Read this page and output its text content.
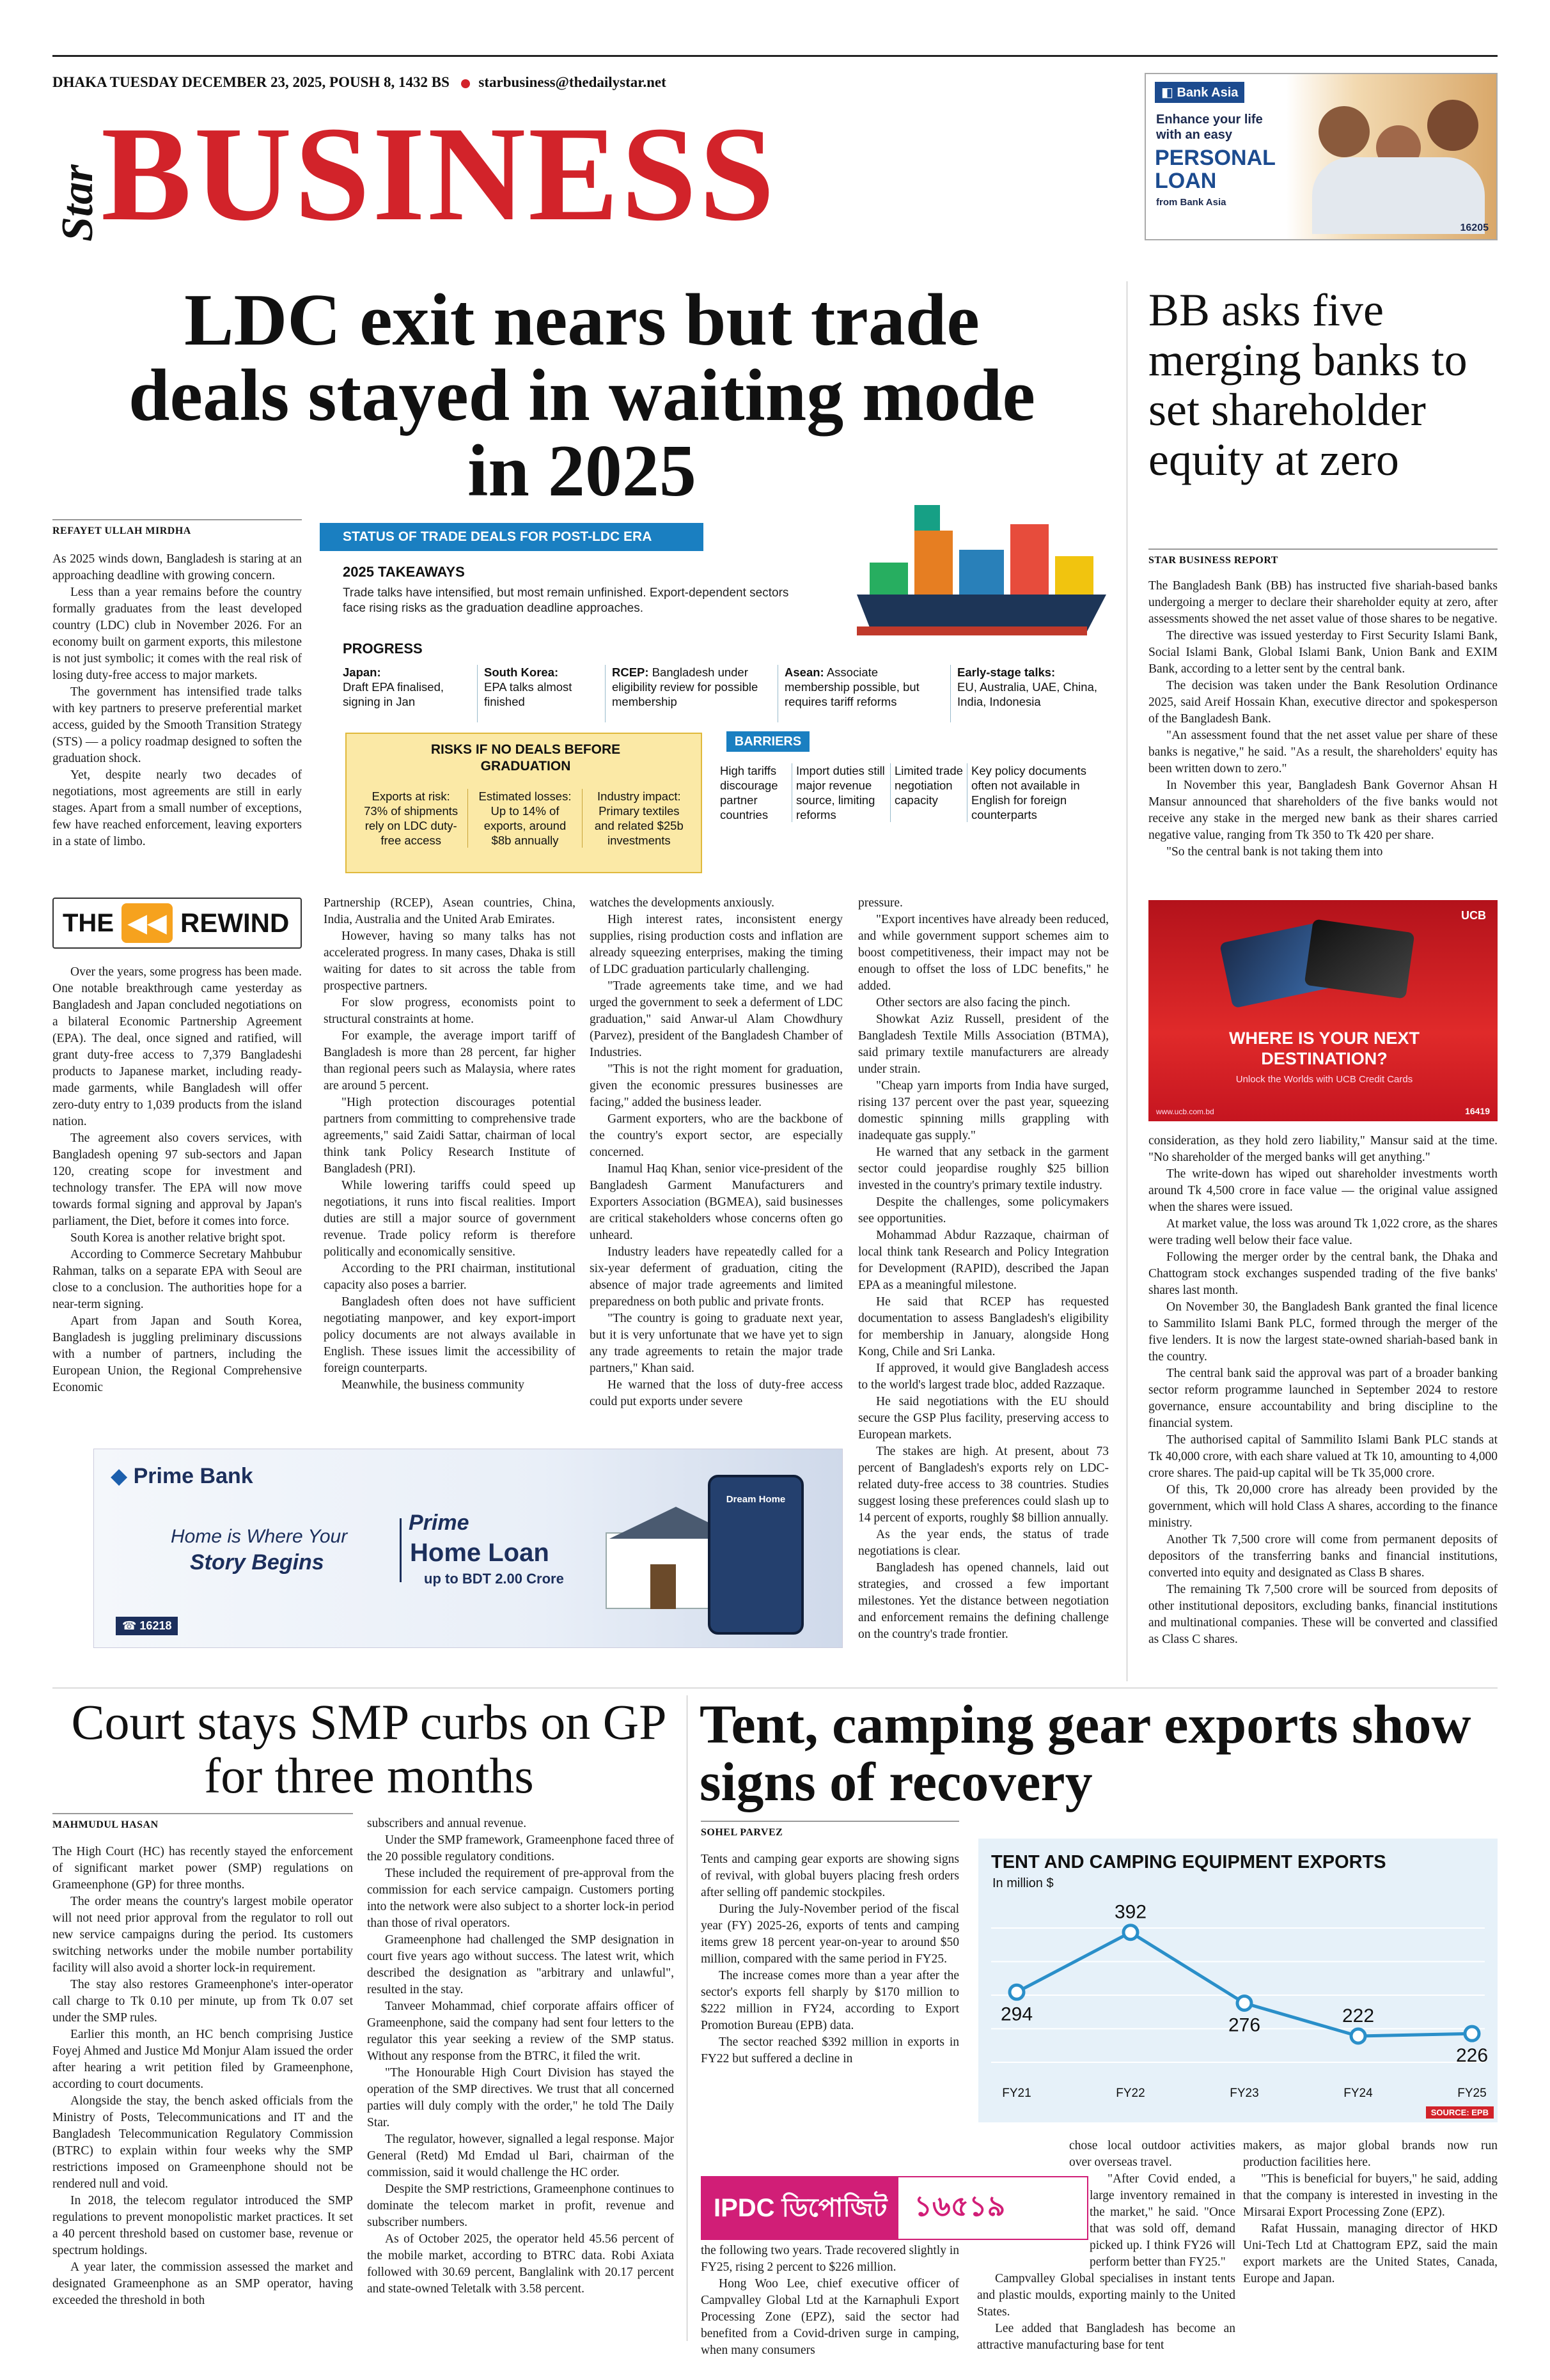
DHAKA TUESDAY DECEMBER 23, 2025, POUSH 8, 1432 BS starbusiness@thedailystar.net
Star
BUSINESS
◧ Bank Asia
Enhance your life
with an easy
PERSONAL
LOAN
from Bank Asia
16205
LDC exit nears but trade deals stayed in waiting mode in 2025
REFAYET ULLAH MIRDHA

As 2025 winds down, Bangladesh is staring at an approaching deadline with growing concern.

Less than a year remains before the country formally graduates from the least developed country (LDC) club in November 2026. For an economy built on garment exports, this milestone is not just symbolic; it comes with the real risk of losing duty-free access to major markets.

The government has intensified trade talks with key partners to preserve preferential market access, guided by the Smooth Transition Strategy (STS) — a policy roadmap designed to soften the graduation shock.

Yet, despite nearly two decades of negotiations, most agreements are still in early stages. Apart from a small number of exceptions, few have reached enforcement, leaving exporters in a state of limbo.

STATUS OF TRADE DEALS FOR POST-LDC ERA
2025 TAKEAWAYS
Trade talks have intensified, but most remain unfinished. Export-dependent sectors face rising risks as the graduation deadline approaches.
PROGRESS
Japan:
Draft EPA finalised, signing in Jan
South Korea:
EPA talks almost finished
RCEP: Bangladesh under eligibility review for possible membership
Asean: Associate membership possible, but requires tariff reforms
Early-stage talks:
EU, Australia, UAE, China, India, Indonesia
RISKS IF NO DEALS BEFORE GRADUATION
Exports at risk: 73% of shipments rely on LDC duty-free access
Estimated losses: Up to 14% of exports, around $8b annually
Industry impact: Primary textiles and related $25b investments
BARRIERS
High tariffs discourage partner countries
Import duties still major revenue source, limiting reforms
Limited trade negotiation capacity
Key policy documents often not available in English for foreign counterparts
THE ◀◀ REWIND

Over the years, some progress has been made. One notable breakthrough came yesterday as Bangladesh and Japan concluded negotiations on a bilateral Economic Partnership Agreement (EPA). The deal, once signed and ratified, will grant duty-free access to 7,379 Bangladeshi products to Japanese market, including ready-made garments, while Bangladesh will offer zero-duty entry to 1,039 products from the island nation.

The agreement also covers services, with Bangladesh opening 97 sub-sectors and Japan 120, creating scope for investment and technology transfer. The EPA will now move towards formal signing and approval by Japan's parliament, the Diet, before it comes into force.

South Korea is another relative bright spot.

According to Commerce Secretary Mahbubur Rahman, talks on a separate EPA with Seoul are close to a conclusion. The authorities hope for a near-term signing.

Apart from Japan and South Korea, Bangladesh is juggling preliminary discussions with a number of partners, including the European Union, the Regional Comprehensive Economic

Partnership (RCEP), Asean countries, China, India, Australia and the United Arab Emirates.

However, having so many talks has not accelerated progress. In many cases, Dhaka is still waiting for dates to sit across the table from prospective partners.

For slow progress, economists point to structural constraints at home.

For example, the average import tariff of Bangladesh is more than 28 percent, far higher than regional peers such as Malaysia, where rates are around 5 percent.

"High protection discourages potential partners from committing to comprehensive trade agreements," said Zaidi Sattar, chairman of local think tank Policy Research Institute of Bangladesh (PRI).

While lowering tariffs could speed up negotiations, it runs into fiscal realities. Import duties are still a major source of government revenue. Trade policy reform is therefore politically and economically sensitive.

According to the PRI chairman, institutional capacity also poses a barrier.

Bangladesh often does not have sufficient negotiating manpower, and key export-import policy documents are not always available in English. These issues limit the accessibility of foreign counterparts.

Meanwhile, the business community

watches the developments anxiously.

High interest rates, inconsistent energy supplies, rising production costs and inflation are already squeezing enterprises, making the timing of LDC graduation particularly challenging.

"Trade agreements take time, and we had urged the government to seek a deferment of LDC graduation," said Anwar-ul Alam Chowdhury (Parvez), president of the Bangladesh Chamber of Industries.

"This is not the right moment for graduation, given the economic pressures businesses are facing," added the business leader.

Garment exporters, who are the backbone of the country's export sector, are especially concerned.

Inamul Haq Khan, senior vice-president of the Bangladesh Garment Manufacturers and Exporters Association (BGMEA), said businesses are critical stakeholders whose concerns often go unheard.

Industry leaders have repeatedly called for a six-year deferment of graduation, citing the absence of major trade agreements and limited preparedness on both public and private fronts.

"The country is going to graduate next year, but it is very unfortunate that we have yet to sign any trade agreements to retain the major trade partners," Khan said.

He warned that the loss of duty-free access could put exports under severe

pressure.

"Export incentives have already been reduced, and while government support schemes aim to boost competitiveness, their impact may not be enough to offset the loss of LDC benefits," he added.

Other sectors are also facing the pinch.

Showkat Aziz Russell, president of the Bangladesh Textile Mills Association (BTMA), said primary textile manufacturers are already under strain.

"Cheap yarn imports from India have surged, rising 137 percent over the past year, squeezing domestic spinning mills grappling with inadequate gas supply."

He warned that any setback in the garment sector could jeopardise roughly $25 billion invested in the country's primary textile industry.

Despite the challenges, some policymakers see opportunities.

Mohammad Abdur Razzaque, chairman of local think tank Research and Policy Integration for Development (RAPID), described the Japan EPA as a meaningful milestone.

He said that RCEP has requested documentation to assess Bangladesh's eligibility for membership in January, alongside Hong Kong, Chile and Sri Lanka.

If approved, it would give Bangladesh access to the world's largest trade bloc, added Razzaque.

He said negotiations with the EU should secure the GSP Plus facility, preserving access to European markets.

The stakes are high. At present, about 73 percent of Bangladesh's exports rely on LDC-related duty-free access to 38 countries. Studies suggest losing these preferences could slash up to 14 percent of exports, roughly $8 billion annually.

As the year ends, the status of trade negotiations is clear.

Bangladesh has opened channels, laid out strategies, and crossed a few important milestones. Yet the distance between negotiation and enforcement remains the defining challenge on the country's trade frontier.

◆ Prime Bank
Home is Where Your
Story Begins
Prime
Home Loan
up to BDT 2.00 Crore
Dream Home
☎ 16218
BB asks five merging banks to set shareholder equity at zero
STAR BUSINESS REPORT

The Bangladesh Bank (BB) has instructed five shariah-based banks undergoing a merger to declare their shareholder equity at zero, after assessments showed the net asset value of those shares to be negative.

The directive was issued yesterday to First Security Islami Bank, Social Islami Bank, Global Islami Bank, Union Bank and EXIM Bank, according to a letter sent by the central bank.

The decision was taken under the Bank Resolution Ordinance 2025, said Areif Hossain Khan, executive director and spokesperson of the Bangladesh Bank.

"An assessment found that the net asset value per share of these banks is negative," he said. "As a result, the shareholders' equity has been written down to zero."

In November this year, Bangladesh Bank Governor Ahsan H Mansur announced that shareholders of the five banks would not receive any stake in the merged new bank as their shares carried negative value, ranging from Tk 350 to Tk 420 per share.

"So the central bank is not taking them into

UCB
WHERE IS YOUR NEXT DESTINATION?
Unlock the Worlds with UCB Credit Cards
www.ucb.com.bd	16419

consideration, as they hold zero liability," Mansur said at the time. "No shareholder of the merged banks will get anything."

The write-down has wiped out shareholder investments worth around Tk 4,500 crore in face value — the original value assigned when the shares were issued.

At market value, the loss was around Tk 1,022 crore, as the shares were trading well below their face value.

Following the merger order by the central bank, the Dhaka and Chattogram stock exchanges suspended trading of the five banks' shares last month.

On November 30, the Bangladesh Bank granted the final licence to Sammilito Islami Bank PLC, formed through the merger of the five lenders. It is now the largest state-owned shariah-based bank in the country.

The central bank said the approval was part of a broader banking sector reform programme launched in September 2024 to restore governance, ensure accountability and bring discipline to the financial system.

The authorised capital of Sammilito Islami Bank PLC stands at Tk 40,000 crore, with each share valued at Tk 10, amounting to 4,000 crore shares. The paid-up capital will be Tk 35,000 crore.

Of this, Tk 20,000 crore has already been provided by the government, which will hold Class A shares, according to the finance ministry.

Another Tk 7,500 crore will come from permanent deposits of depositors of the transferring banks and financial institutions, converted into equity and designated as Class B shares.

The remaining Tk 7,500 crore will be sourced from deposits of other institutional depositors, excluding banks, financial institutions and multinational companies. These will be converted and classified as Class C shares.

Court stays SMP curbs on GP for three months
MAHMUDUL HASAN

The High Court (HC) has recently stayed the enforcement of significant market power (SMP) regulations on Grameenphone (GP) for three months.

The order means the country's largest mobile operator will not need prior approval from the regulator to roll out new service campaigns during the period. Its customers switching networks under the mobile number portability facility will also avoid a shorter lock-in requirement.

The stay also restores Grameenphone's inter-operator call charge to Tk 0.10 per minute, up from Tk 0.07 set under the SMP rules.

Earlier this month, an HC bench comprising Justice Foyej Ahmed and Justice Md Monjur Alam issued the order after hearing a writ petition filed by Grameenphone, according to court documents.

Alongside the stay, the bench asked officials from the Ministry of Posts, Telecommunications and IT and the Bangladesh Telecommunication Regulatory Commission (BTRC) to explain within four weeks why the SMP restrictions imposed on Grameenphone should not be rendered null and void.

In 2018, the telecom regulator introduced the SMP regulations to prevent monopolistic market practices. It set a 40 percent threshold based on customer base, revenue or spectrum holdings.

A year later, the commission assessed the market and designated Grameenphone as an SMP operator, having exceeded the threshold in both

subscribers and annual revenue.

Under the SMP framework, Grameenphone faced three of the 20 possible regulatory conditions.

These included the requirement of pre-approval from the commission for each service campaign. Customers porting into the network were also subject to a shorter lock-in period than those of rival operators.

Grameenphone had challenged the SMP designation in court five years ago without success. The latest writ, which described the designation as "arbitrary and unlawful", resulted in the stay.

Tanveer Mohammad, chief corporate affairs officer of Grameenphone, said the company had sent four letters to the regulator this year seeking a review of the SMP status. Without any response from the BTRC, it filed the writ.

"The Honourable High Court Division has stayed the operation of the SMP directives. We trust that all concerned parties will duly comply with the order," he told The Daily Star.

The regulator, however, signalled a legal response. Major General (Retd) Md Emdad ul Bari, chairman of the commission, said it would challenge the HC order.

Despite the SMP restrictions, Grameenphone continues to dominate the telecom market in profit, revenue and subscriber numbers.

As of October 2025, the operator held 45.56 percent of the mobile market, according to BTRC data. Robi Axiata followed with 30.69 percent, Banglalink with 20.17 percent and state-owned Teletalk with 3.58 percent.

Tent, camping gear exports show signs of recovery
SOHEL PARVEZ

Tents and camping gear exports are showing signs of revival, with global buyers placing fresh orders after selling off pandemic stockpiles.

During the July-November period of the fiscal year (FY) 2025-26, exports of tents and camping items grew 18 percent year-on-year to around $50 million, compared with the same period in FY25.

The increase comes more than a year after the sector's exports fell sharply by $170 million to $222 million in FY24, according to Export Promotion Bureau (EPB) data.

The sector reached $392 million in exports in FY22 but suffered a decline in

TENT AND CAMPING EQUIPMENT EXPORTS
In million $
294
392
276	222
226
FY21	FY22	FY23	FY24	FY25
SOURCE: EPB
IPDC ডিপোজিট ১৬৫১৯

the following two years. Trade recovered slightly in FY25, rising 2 percent to $226 million.

Hong Woo Lee, chief executive officer of Campvalley Global Ltd at the Karnaphuli Export Processing Zone (EPZ), said the sector had benefited from a Covid-driven surge in camping, when many consumers

chose local outdoor activities over overseas travel.

"After Covid ended, a large inventory remained in the market," he said. "Once that was sold off, demand picked up. I think FY26 will perform better than FY25."

Campvalley Global specialises in instant tents and plastic moulds, exporting mainly to the United States.

Lee added that Bangladesh has become an attractive manufacturing base for tent

makers, as major global brands now run production facilities here.

"This is beneficial for buyers," he said, adding that the company is interested in investing in the Mirsarai Export Processing Zone (EPZ).

Rafat Hussain, managing director of HKD Uni-Tech Ltd at Chattogram EPZ, said the main export markets are the United States, Canada, Europe and Japan.
